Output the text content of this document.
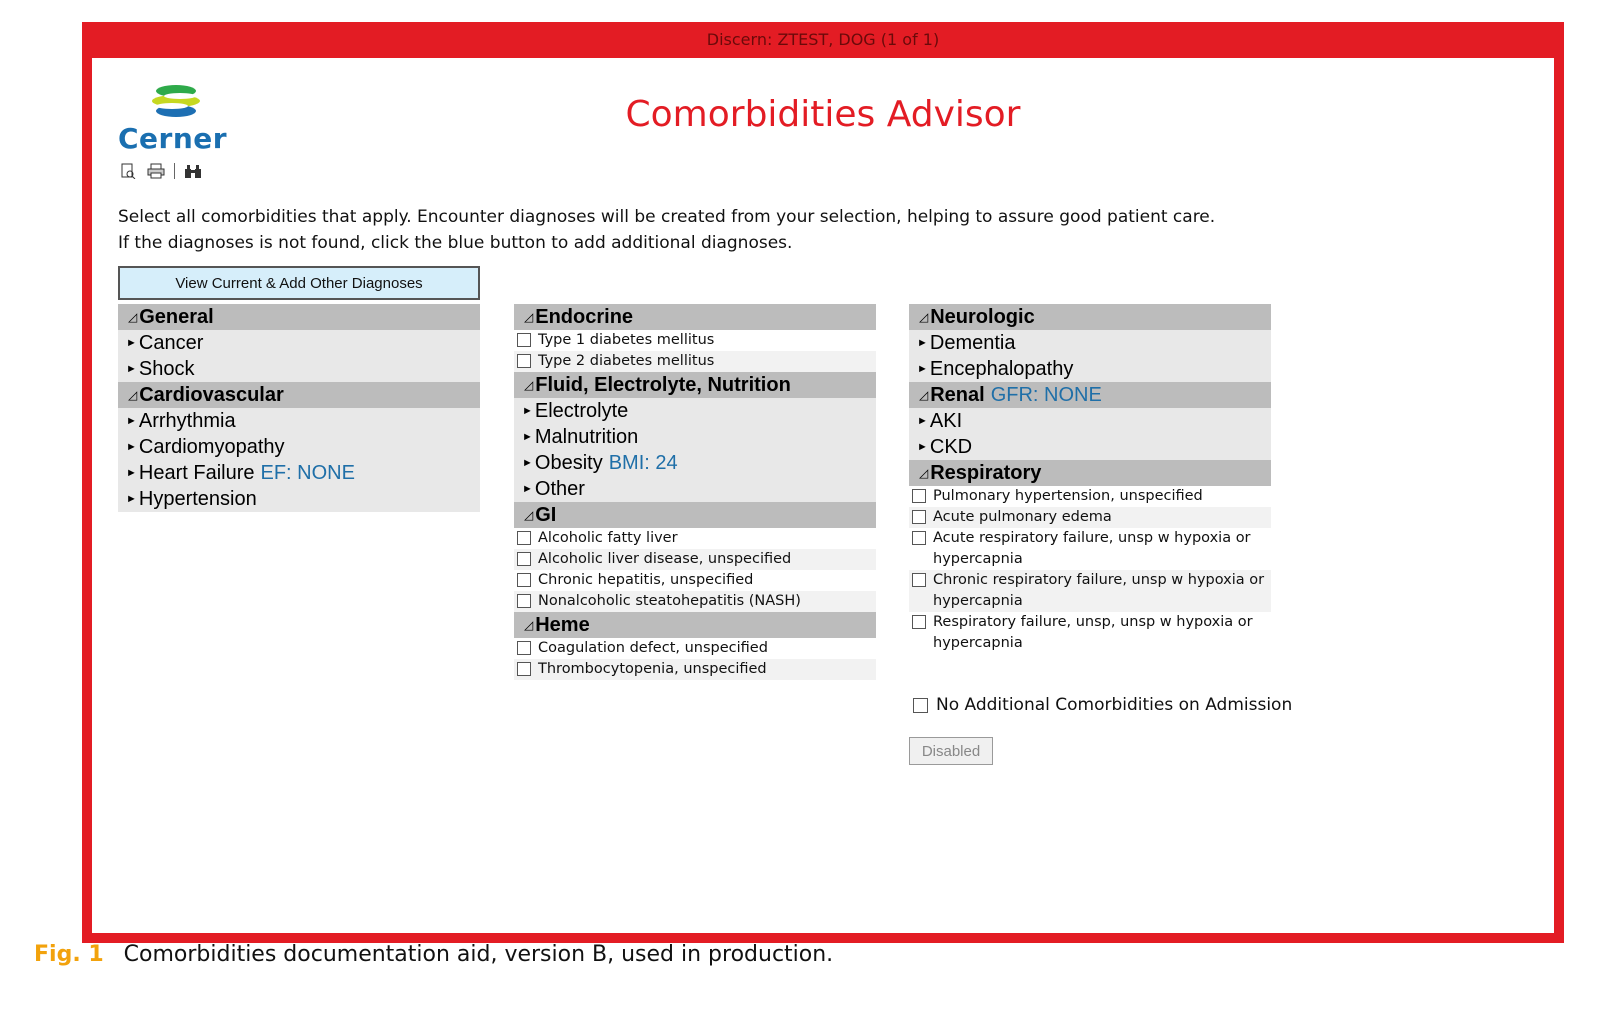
Discern: ZTEST, DOG (1 of 1)
Cerner
Comorbidities Advisor
Select all comorbidities that apply. Encounter diagnoses will be created from your selection, helping to assure good patient care.
If the diagnoses is not found, click the blue button to add additional diagnoses.
View Current & Add Other Diagnoses
◿ General
► Cancer
► Shock
◿ Cardiovascular
► Arrhythmia
► Cardiomyopathy
► Heart Failure EF: NONE
► Hypertension
◿ Endocrine
Type 1 diabetes mellitus
Type 2 diabetes mellitus
◿ Fluid, Electrolyte, Nutrition
► Electrolyte
► Malnutrition
► Obesity BMI: 24
► Other
◿ GI
Alcoholic fatty liver
Alcoholic liver disease, unspecified
Chronic hepatitis, unspecified
Nonalcoholic steatohepatitis (NASH)
◿ Heme
Coagulation defect, unspecified
Thrombocytopenia, unspecified
◿ Neurologic
► Dementia
► Encephalopathy
◿ Renal GFR: NONE
► AKI
► CKD
◿ Respiratory
Pulmonary hypertension, unspecified
Acute pulmonary edema
Acute respiratory failure, unsp w hypoxia or
hypercapnia
Chronic respiratory failure, unsp w hypoxia or
hypercapnia
Respiratory failure, unsp, unsp w hypoxia or
hypercapnia
No Additional Comorbidities on Admission
Disabled
Fig. 1 Comorbidities documentation aid, version B, used in production.
